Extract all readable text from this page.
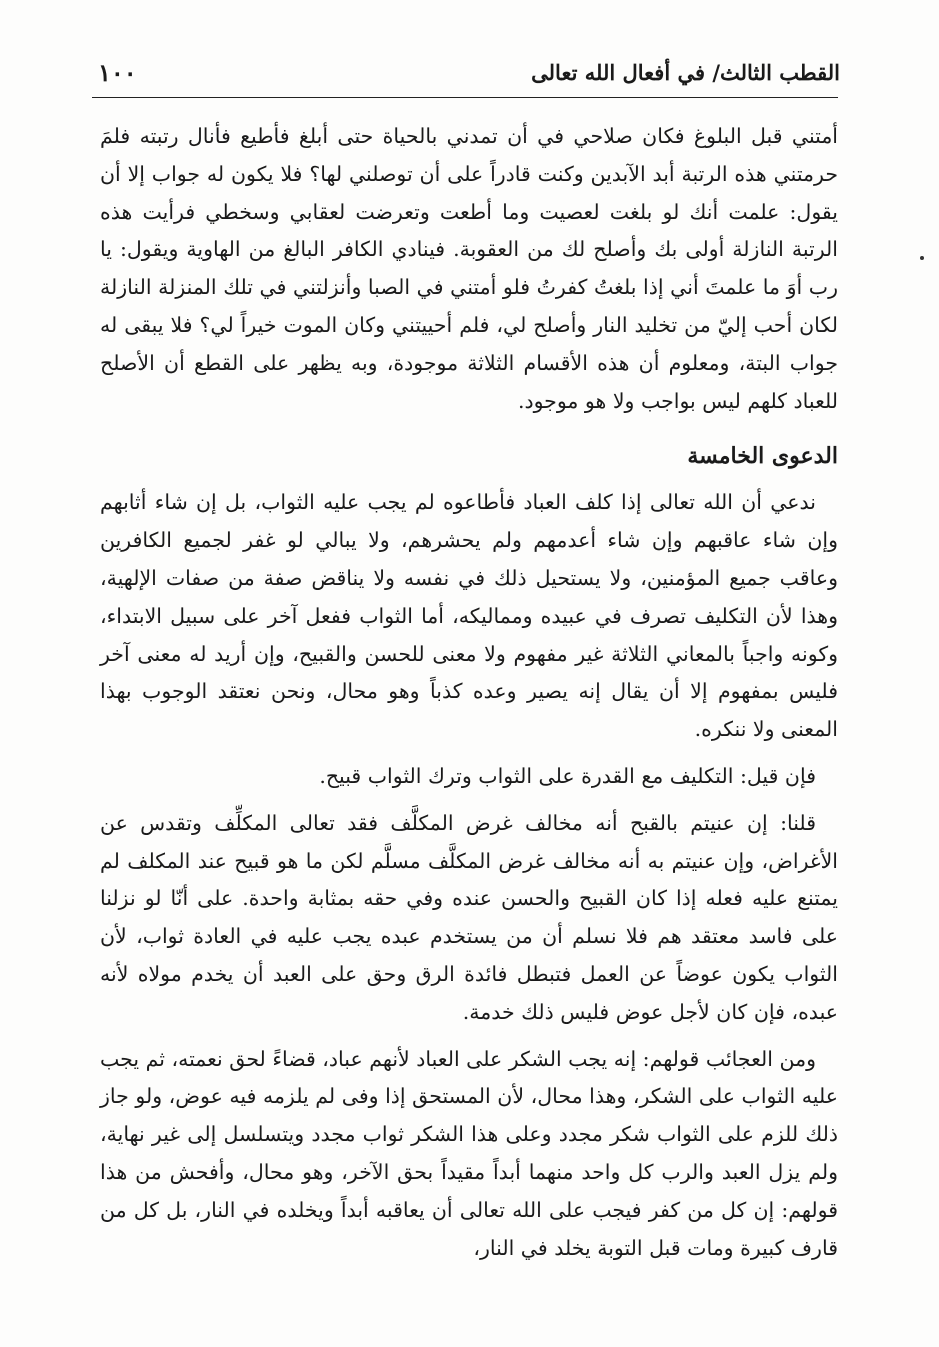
القطب الثالث/ في أفعال الله تعالى
١٠٠

أمتني قبل البلوغ فكان صلاحي في أن تمدني بالحياة حتى أبلغ فأطيع فأنال رتبته فلمَ حرمتني هذه الرتبة أبد الآبدين وكنت قادراً على أن توصلني لها؟ فلا يكون له جواب إلا أن يقول: علمت أنك لو بلغت لعصيت وما أطعت وتعرضت لعقابي وسخطي فرأيت هذه الرتبة النازلة أولى بك وأصلح لك من العقوبة. فينادي الكافر البالغ من الهاوية ويقول: يا رب أوَ ما علمتَ أني إذا بلغتُ كفرتُ فلو أمتني في الصبا وأنزلتني في تلك المنزلة النازلة لكان أحب إليّ من تخليد النار وأصلح لي، فلم أحييتني وكان الموت خيراً لي؟ فلا يبقى له جواب البتة، ومعلوم أن هذه الأقسام الثلاثة موجودة، وبه يظهر على القطع أن الأصلح للعباد كلهم ليس بواجب ولا هو موجود.

الدعوى الخامسة

ندعي أن الله تعالى إذا كلف العباد فأطاعوه لم يجب عليه الثواب، بل إن شاء أثابهم وإن شاء عاقبهم وإن شاء أعدمهم ولم يحشرهم، ولا يبالي لو غفر لجميع الكافرين وعاقب جميع المؤمنين، ولا يستحيل ذلك في نفسه ولا يناقض صفة من صفات الإلهية، وهذا لأن التكليف تصرف في عبيده ومماليكه، أما الثواب ففعل آخر على سبيل الابتداء، وكونه واجباً بالمعاني الثلاثة غير مفهوم ولا معنى للحسن والقبيح، وإن أريد له معنى آخر فليس بمفهوم إلا أن يقال إنه يصير وعده كذباً وهو محال، ونحن نعتقد الوجوب بهذا المعنى ولا ننكره.

فإن قيل: التكليف مع القدرة على الثواب وترك الثواب قبيح.

قلنا: إن عنيتم بالقبح أنه مخالف غرض المكلَّف فقد تعالى المكلِّف وتقدس عن الأغراض، وإن عنيتم به أنه مخالف غرض المكلَّف مسلَّم لكن ما هو قبيح عند المكلف لم يمتنع عليه فعله إذا كان القبيح والحسن عنده وفي حقه بمثابة واحدة. على أنّا لو نزلنا على فاسد معتقد هم فلا نسلم أن من يستخدم عبده يجب عليه في العادة ثواب، لأن الثواب يكون عوضاً عن العمل فتبطل فائدة الرق وحق على العبد أن يخدم مولاه لأنه عبده، فإن كان لأجل عوض فليس ذلك خدمة.

ومن العجائب قولهم: إنه يجب الشكر على العباد لأنهم عباد، قضاءً لحق نعمته، ثم يجب عليه الثواب على الشكر، وهذا محال، لأن المستحق إذا وفى لم يلزمه فيه عوض، ولو جاز ذلك للزم على الثواب شكر مجدد وعلى هذا الشكر ثواب مجدد ويتسلسل إلى غير نهاية، ولم يزل العبد والرب كل واحد منهما أبداً مقيداً بحق الآخر، وهو محال، وأفحش من هذا قولهم: إن كل من كفر فيجب على الله تعالى أن يعاقبه أبداً ويخلده في النار، بل كل من قارف كبيرة ومات قبل التوبة يخلد في النار،
